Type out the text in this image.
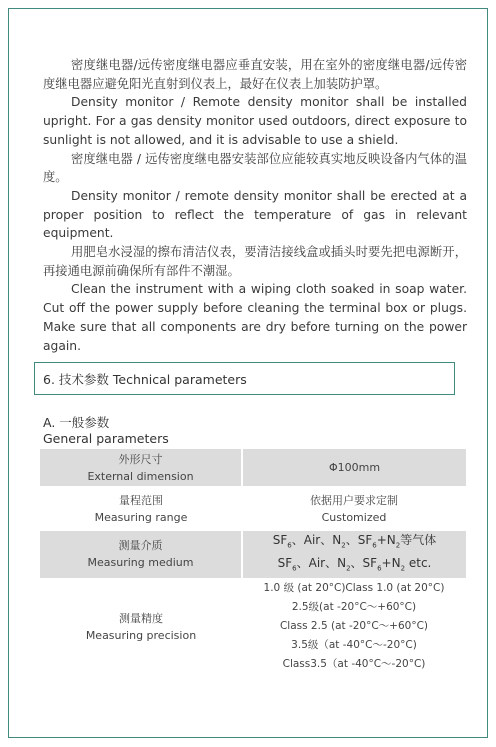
密度继电器/远传密度继电器应垂直安装，用在室外的密度继电器/远传密度继电器应避免阳光直射到仪表上，最好在仪表上加装防护罩。

Density monitor / Remote density monitor shall be installed upright. For a gas density monitor used outdoors, direct exposure to sunlight is not allowed, and it is advisable to use a shield.

密度继电器 / 远传密度继电器安装部位应能较真实地反映设备内气体的温度。

Density monitor / remote density monitor shall be erected at a proper position to reflect the temperature of gas in relevant equipment.

用肥皂水浸湿的擦布清洁仪表，要清洁接线盒或插头时要先把电源断开，再接通电源前确保所有部件不潮湿。

Clean the instrument with a wiping cloth soaked in soap water. Cut off the power supply before cleaning the terminal box or plugs. Make sure that all components are dry before turning on the power again.

6. 技术参数 Technical parameters
A. 一般参数
General parameters
外形尺寸
External dimension	Φ100mm

量程范围
Measuring range	依据用户要求定制
Customized

测量介质
Measuring medium	$SF_6$、Air、$N_2$、$SF_6+N_2$等气体
$SF_6$、Air、$N_2$、$SF_6+N_2$ etc.

测量精度
Measuring precision	1.0 级 (at 20°C)Class 1.0 (at 20°C)
2.5级(at -20°C～+60°C)
Class 2.5 (at -20°C～+60°C)
3.5级（at -40°C～-20°C)
Class3.5（at -40°C～-20°C)
